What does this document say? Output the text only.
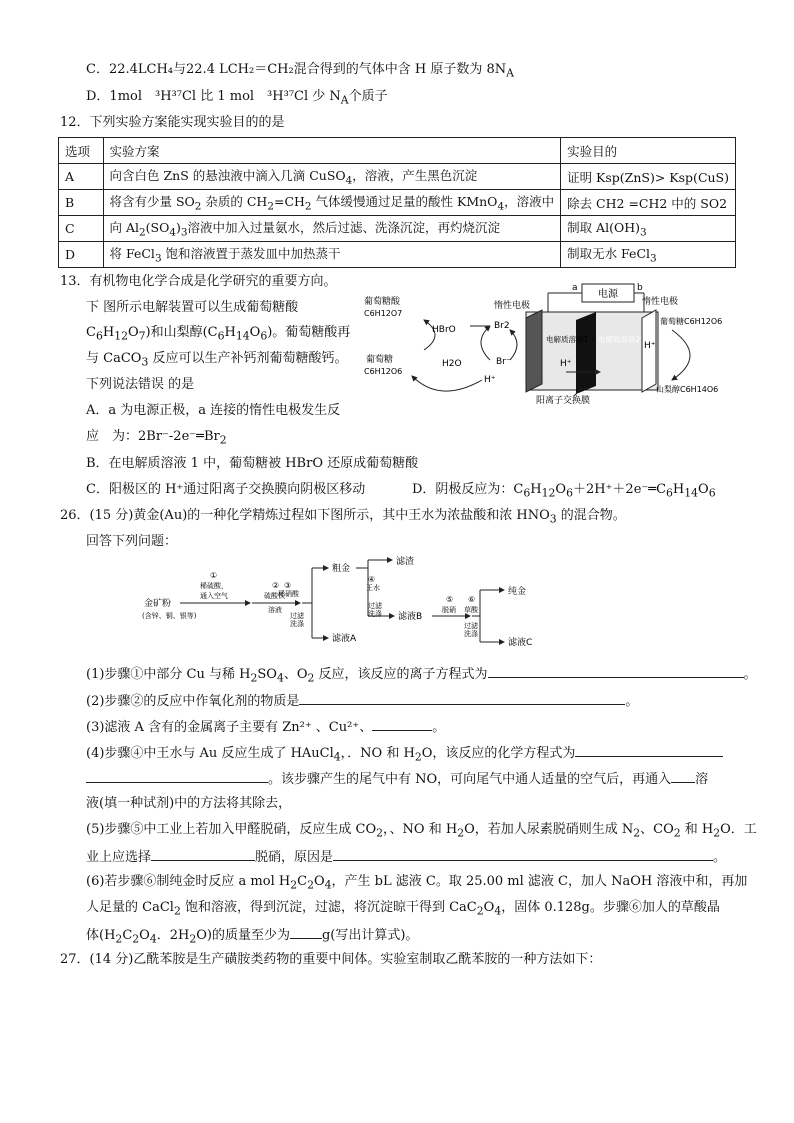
C．22.4LCH₄与22.4 LCH₂＝CH₂混合得到的气体中含 H 原子数为 $8N_A$
D．1mol　³H³⁷Cl 比 1 mol　³H³⁷Cl 少 $N_A$个质子
12．下列实验方案能实现实验目的的是
选项	实验方案	实验目的
A	向含白色 ZnS 的悬浊液中滴入几滴 CuSO$_4$，溶液，产生黑色沉淀	证明 Ksp(ZnS)> Ksp(CuS)
B	将含有少量 $SO_2$ 杂质的 $CH_2=CH_2$ 气体缓慢通过足量的酸性 KMnO$_4$，溶液中	除去 CH2 =CH2 中的 SO2
C	向 $Al_2(SO_4)_3$溶液中加入过量氨水，然后过滤、洗涤沉淀，再灼烧沉淀	制取 $Al(OH)_3$
D	将 FeCl$_3$ 饱和溶液置于蒸发皿中加热蒸干	制取无水 FeCl$_3$
13．有机物电化学合成是化学研究的重要方向。
下 图所示电解装置可以生成葡萄糖酸
$C_6H_{12}O_7$)和山梨醇$(C_6H_{14}O_6)$。葡萄糖酸再
与 CaCO$_3$ 反应可以生产补钙剂葡萄糖酸钙。
下列说法错误 的是
A．a 为电源正极，a 连接的惰性电极发生反
应　为：$2Br^--2e^-═Br_2$
B．在电解质溶液 1 中，葡萄糖被 HBrO 还原成葡萄糖酸
C．阳极区的 H⁺通过阳离子交换膜向阴极区移动	D．阴极反应为：$C_6H_{12}O_6+2H^++2e^-═C_6H_{14}O_6$
电源
a	b
惰性电极	惰性电极
电解质溶液1 电解质溶液2
H⁺
阳离子交换膜
葡萄糖酸
C6H12O7
葡萄糖
C6H12O6
HBrO
H2O
Br2
Br⁻
H⁺
葡萄糖C6H12O6
H⁺
山梨醇C6H14O6
26．(15 分)黄金(Au)的一种化学精炼过程如下图所示，其中王水为浓盐酸和浓 $HNO_3$ 的混合物。
回答下列问题：
金矿粉
(含锌、铜、银等)
①
稀硫酸，
通入空气
②
硫酸铁
溶液
③
稀硝酸
过滤
洗涤
粗金
滤液A
④
王水
过滤
洗涤
滤渣
滤液B
⑤
脱硝
⑥
草酸
过滤
洗涤
纯金
滤液C
(1)步骤①中部分 Cu 与稀 $H_2SO_4$、$O_2$ 反应，该反应的离子方程式为	。
(2)步骤②的反应中作氧化剂的物质是	。
(3)滤液 A 含有的金属离子主要有 Zn²⁺ 、Cu²⁺、	。
(4)步骤④中王水与 Au 反应生成了 HAuCl$_4$，．NO 和 $H_2O$，该反应的化学方程式为
。该步骤产生的尾气中有 NO，可向尾气中通人适量的空气后，再通入 溶
液(填一种试剂)中的方法将其除去，
(5)步骤⑤中工业上若加入甲醛脱硝，反应生成 $CO_2$，、NO 和 $H_2O$，若加人尿素脱硝则生成 $N_2$、$CO_2$ 和 $H_2O$．工
业上应选择	脱硝，原因是	。
(6)若步骤⑥制纯金时反应 a mol $H_2C_2O_4$，产生 bL 滤液 C。取 25.00 ml 滤液 C，加人 NaOH 溶液中和，再加
人足量的 CaCl$_2$ 饱和溶液，得到沉淀，过滤，将沉淀晾干得到 $CaC_2O_4$，固体 0.128g。步骤⑥加人的草酸晶
体($H_2C_2O_4$．$2H_2O$)的质量至少为 g(写出计算式)。
27．(14 分)乙酰苯胺是生产磺胺类药物的重要中间体。实验室制取乙酰苯胺的一种方法如下：
